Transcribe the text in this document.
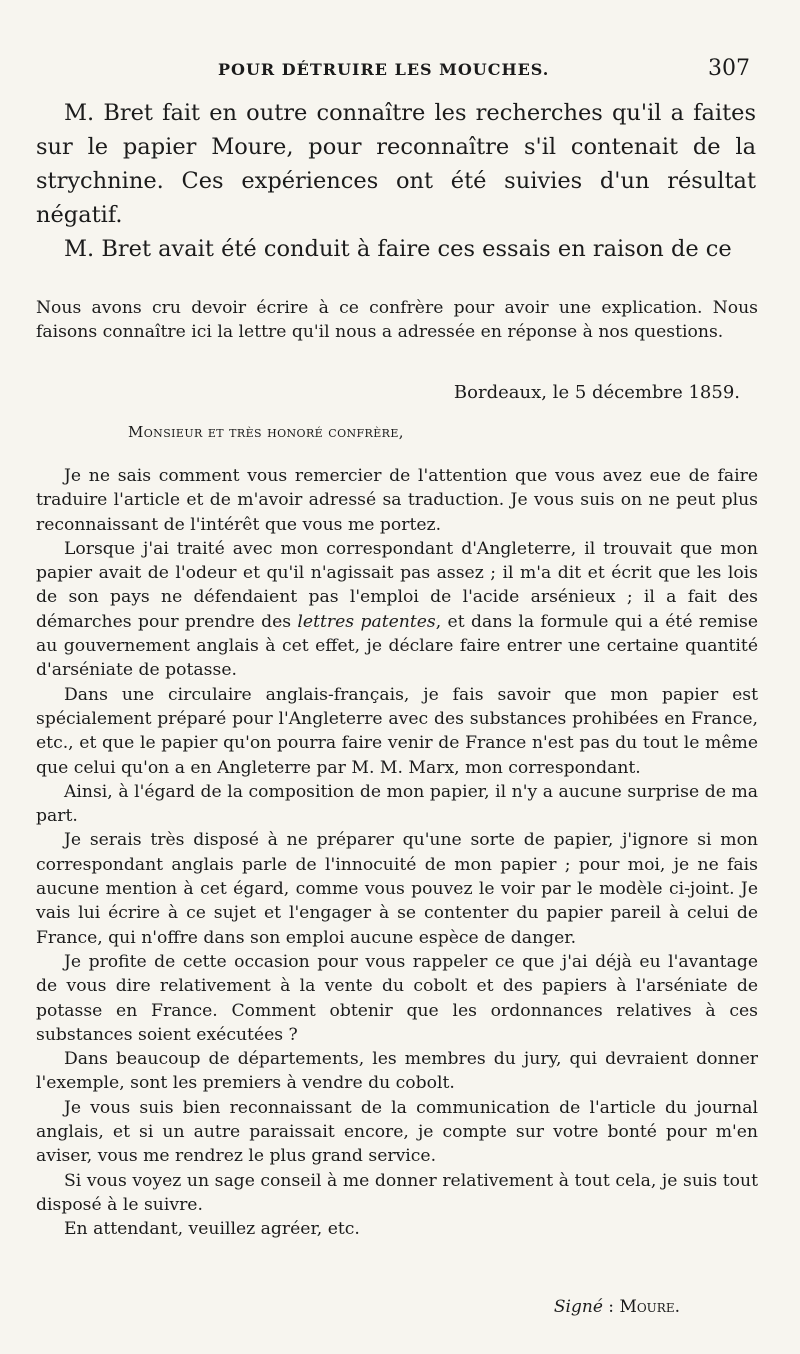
POUR DÉTRUIRE LES MOUCHES.	307

M. Bret fait en outre connaître les recherches qu'il a faites sur le papier Moure, pour reconnaître s'il contenait de la strychnine. Ces expériences ont été suivies d'un résultat négatif.

M. Bret avait été conduit à faire ces essais en raison de ce

Nous avons cru devoir écrire à ce confrère pour avoir une explication. Nous faisons connaître ici la lettre qu'il nous a adressée en réponse à nos questions.

Bordeaux, le 5 décembre 1859.
Monsieur et très honoré confrère,

Je ne sais comment vous remercier de l'attention que vous avez eue de faire traduire l'article et de m'avoir adressé sa traduction. Je vous suis on ne peut plus reconnaissant de l'intérêt que vous me portez.

Lorsque j'ai traité avec mon correspondant d'Angleterre, il trouvait que mon papier avait de l'odeur et qu'il n'agissait pas assez ; il m'a dit et écrit que les lois de son pays ne défendaient pas l'emploi de l'acide arsénieux ; il a fait des démarches pour prendre des lettres patentes, et dans la formule qui a été remise au gouvernement anglais à cet effet, je déclare faire entrer une certaine quantité d'arséniate de potasse.

Dans une circulaire anglais-français, je fais savoir que mon papier est spécialement préparé pour l'Angleterre avec des substances prohibées en France, etc., et que le papier qu'on pourra faire venir de France n'est pas du tout le même que celui qu'on a en Angleterre par M. M. Marx, mon correspondant.

Ainsi, à l'égard de la composition de mon papier, il n'y a aucune surprise de ma part.

Je serais très disposé à ne préparer qu'une sorte de papier, j'ignore si mon correspondant anglais parle de l'innocuité de mon papier ; pour moi, je ne fais aucune mention à cet égard, comme vous pouvez le voir par le modèle ci-joint. Je vais lui écrire à ce sujet et l'engager à se contenter du papier pareil à celui de France, qui n'offre dans son emploi aucune espèce de danger.

Je profite de cette occasion pour vous rappeler ce que j'ai déjà eu l'avantage de vous dire relativement à la vente du cobolt et des papiers à l'arséniate de potasse en France. Comment obtenir que les ordonnances relatives à ces substances soient exécutées ?

Dans beaucoup de départements, les membres du jury, qui devraient donner l'exemple, sont les premiers à vendre du cobolt.

Je vous suis bien reconnaissant de la communication de l'article du journal anglais, et si un autre paraissait encore, je compte sur votre bonté pour m'en aviser, vous me rendrez le plus grand service.

Si vous voyez un sage conseil à me donner relativement à tout cela, je suis tout disposé à le suivre.

En attendant, veuillez agréer, etc.

Signé : Moure.
